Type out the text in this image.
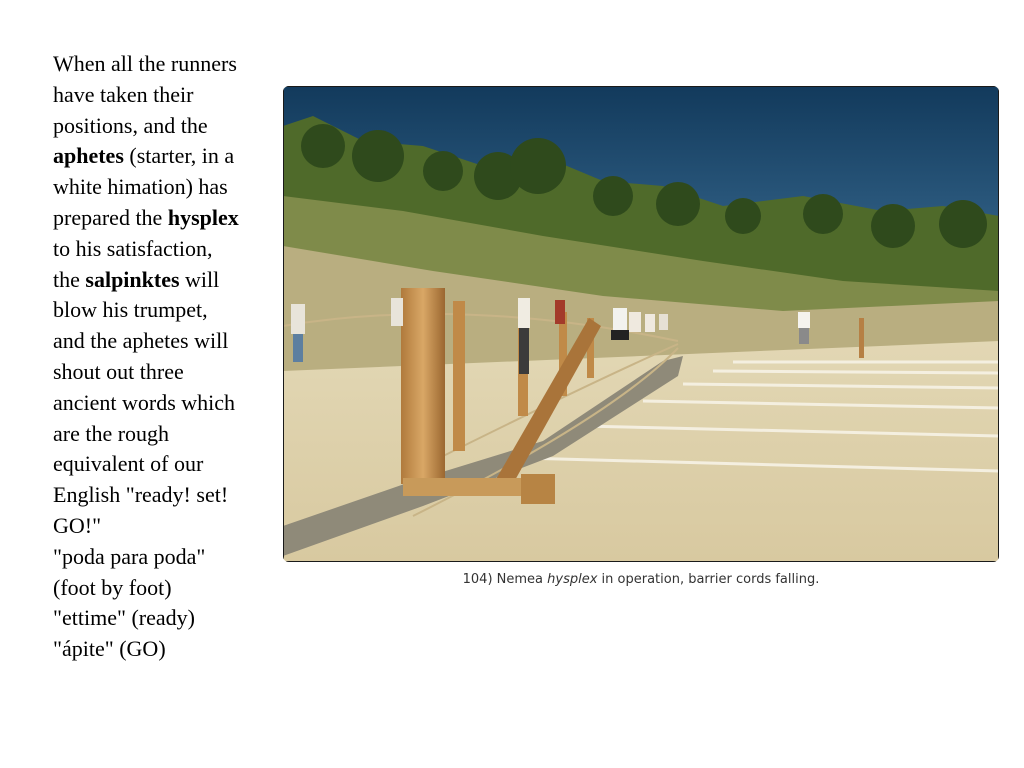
When all the runners have taken their positions, and the aphetes (starter, in a white himation) has prepared the hysplex to his satisfaction, the salpinktes will blow his trumpet, and the aphetes will shout out three ancient words which are the rough equivalent of our English "ready! set! GO!"

"poda para poda" (foot by foot)

"ettime" (ready)

"ápite" (GO)

104) Nemea hysplex in operation, barrier cords falling.
